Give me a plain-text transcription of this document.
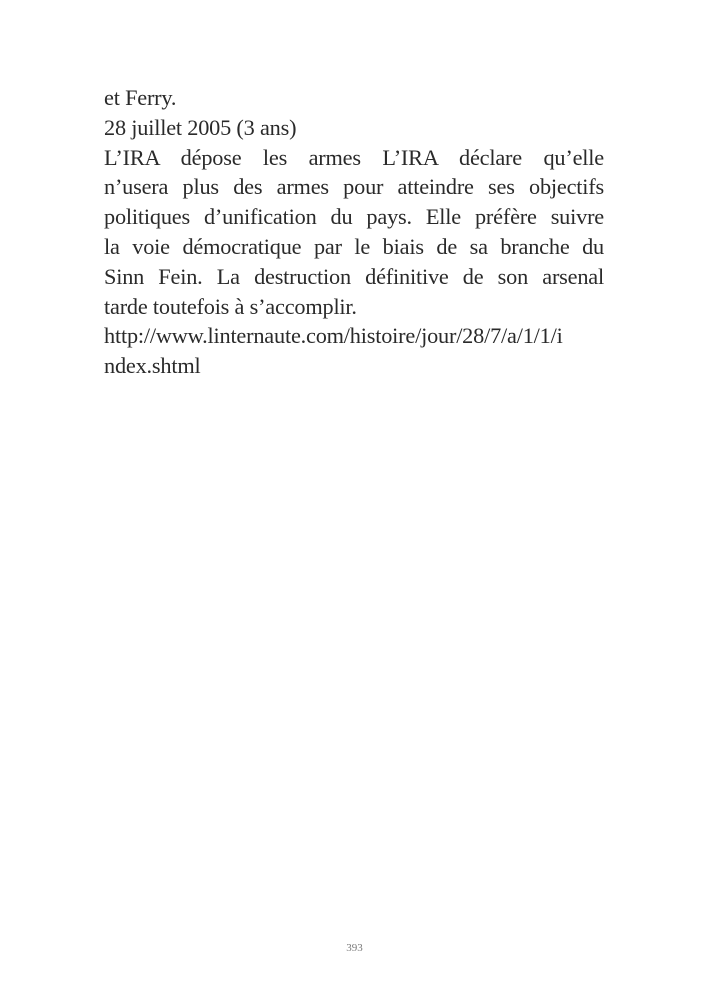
et Ferry.
28 juillet 2005 (3 ans)
L’IRA dépose les armes L’IRA déclare qu’elle
n’usera plus des armes pour atteindre ses objectifs
politiques d’unification du pays. Elle préfère suivre
la voie démocratique par le biais de sa branche du
Sinn Fein. La destruction définitive de son arsenal
tarde toutefois à s’accomplir.
http://www.linternaute.com/histoire/jour/28/7/a/1/1/i
ndex.shtml
393
